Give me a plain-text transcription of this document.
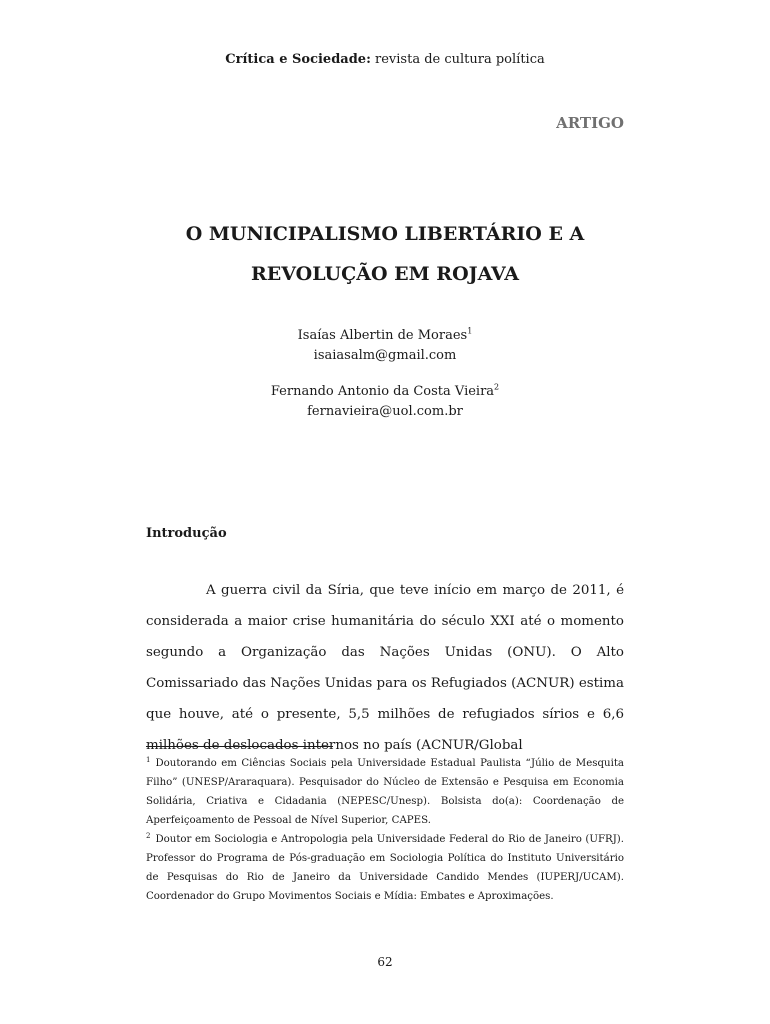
Crítica e Sociedade: revista de cultura política
ARTIGO
O MUNICIPALISMO LIBERTÁRIO E A
REVOLUÇÃO EM ROJAVA
Isaías Albertin de Moraes$^1$
isaiasalm@gmail.com
Fernando Antonio da Costa Vieira$^2$
fernavieira@uol.com.br
Introdução

A guerra civil da Síria, que teve início em março de 2011, é considerada a maior crise humanitária do século XXI até o momento segundo a Organização das Nações Unidas (ONU). O Alto Comissariado das Nações Unidas para os Refugiados (ACNUR) estima que houve, até o presente, 5,5 milhões de refugiados sírios e 6,6 milhões de deslocados internos no país (ACNUR/Global

$^1$ Doutorando em Ciências Sociais pela Universidade Estadual Paulista “Júlio de Mesquita Filho” (UNESP/Araraquara). Pesquisador do Núcleo de Extensão e Pesquisa em Economia Solidária, Criativa e Cidadania (NEPESC/Unesp). Bolsista do(a): Coordenação de Aperfeiçoamento de Pessoal de Nível Superior, CAPES.

$^2$ Doutor em Sociologia e Antropologia pela Universidade Federal do Rio de Janeiro (UFRJ). Professor do Programa de Pós-graduação em Sociologia Política do Instituto Universitário de Pesquisas do Rio de Janeiro da Universidade Candido Mendes (IUPERJ/UCAM). Coordenador do Grupo Movimentos Sociais e Mídia: Embates e Aproximações.

62
